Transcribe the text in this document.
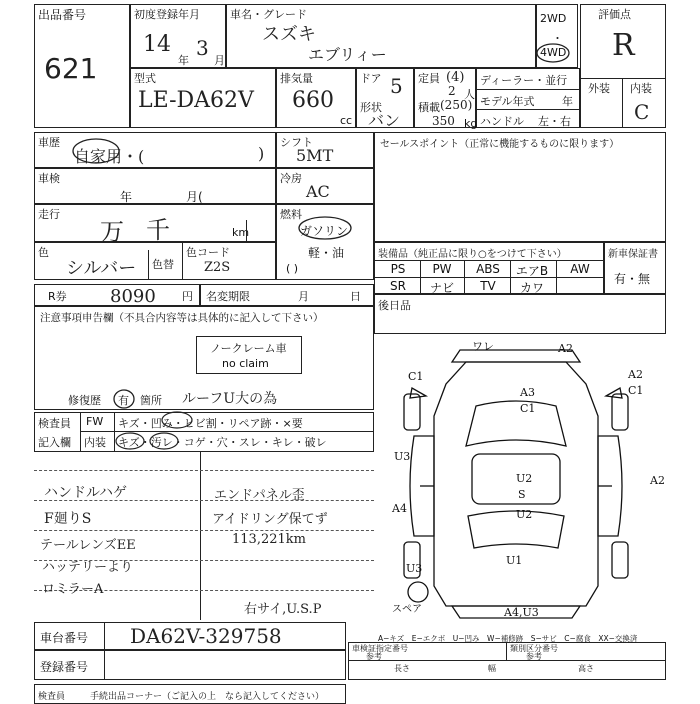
出品番号
621
初度登録年月
14
年
3
月
車名・グレード
スズキ
エブリィー
2WD
・
4WD
評価点
R
外装 内装
C
型式
LE-DA62V
排気量
660
cc
ドア 5
形状
バン
定員 (4)
2 人
積載 (250)
350 kg
ディーラー・並行
モデル年式	年
ハンドル 左・右
車歴
自家用・(	)
車検
年	月(
走行
万 千	km
色
シルバー 色替
色コード
Z2S
シフト
5MT
冷房
AC
燃料
ガソリン
軽・油
( )
セールスポイント（正常に機能するものに限ります）
装備品（純正品に限り○をつけて下さい）
PS	PW	ABS	エアB	AW
SR	ナビ	TV	カワ
新車保証書
有・無
R券 8090 円 名変期限	月	日
注意事項申告欄（不具合内容等は具体的に記入して下さい）
ノークレーム車
no claim
修復歴 有 箇所 ルーフU大の為
後日品
検査員
記入欄
FW キズ・凹み・ヒビ割・リペア跡・×要
内装 キズ・汚レ・コゲ・穴・スレ・キレ・破レ
ハンドルハゲ
F廻りS
テールレンズEE
ハッテリーより
ロミラーA
エンドパネル歪
アイドリング保てず
113,221km
右サイ,U.S.P
ワレ	A2
C1	A2
C1
A3
C1
U3
A2
A4
U2
S
U2
U1
U3
A4,U3
スペア
車台番号 DA62V-329758
登録番号
A−キズ　E−エクボ　U−凹み　W−補修跡　S−サビ　C−腐食　XX−交換済
車検証指定番号
参考
類別区分番号
参考
長さ	幅	高さ
検査員	手続出品コーナー（ご記入の上　なら記入してください）
